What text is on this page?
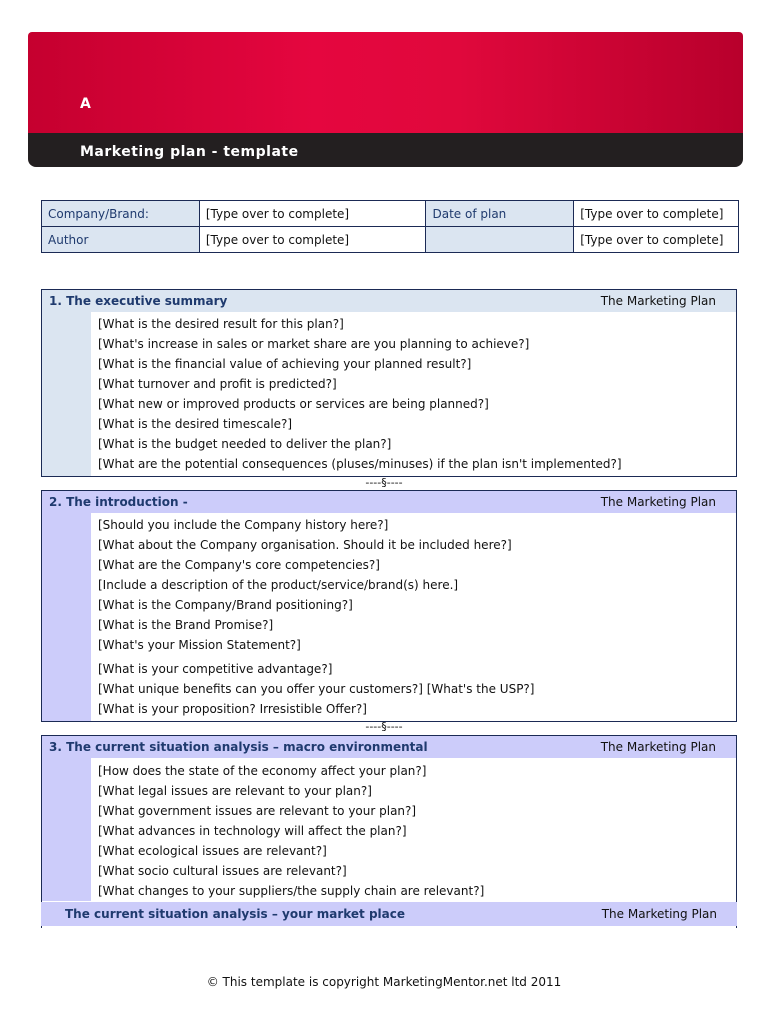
A
Marketing plan - template
Company/Brand:	[Type over to complete]	Date of plan	[Type over to complete]
Author	[Type over to complete]		[Type over to complete]
1. The executive summary	The Marketing Plan
[What is the desired result for this plan?]
[What's increase in sales or market share are you planning to achieve?]
[What is the financial value of achieving your planned result?]
[What turnover and profit is predicted?]
[What new or improved products or services are being planned?]
[What is the desired timescale?]
[What is the budget needed to deliver the plan?]
[What are the potential consequences (pluses/minuses) if the plan isn't implemented?]
----§----
2. The introduction -	The Marketing Plan
[Should you include the Company history here?]
[What about the Company organisation. Should it be included here?]
[What are the Company's core competencies?]
[Include a description of the product/service/brand(s) here.]
[What is the Company/Brand positioning?]
[What is the Brand Promise?]
[What's your Mission Statement?]
[What is your competitive advantage?]
[What unique benefits can you offer your customers?] [What's the USP?]
[What is your proposition? Irresistible Offer?]
----§----
3. The current situation analysis – macro environmental	The Marketing Plan
[How does the state of the economy affect your plan?]
[What legal issues are relevant to your plan?]
[What government issues are relevant to your plan?]
[What advances in technology will affect the plan?]
[What ecological issues are relevant?]
[What socio cultural issues are relevant?]
[What changes to your suppliers/the supply chain are relevant?]
The current situation analysis – your market place	The Marketing Plan
© This template is copyright MarketingMentor.net ltd 2011
